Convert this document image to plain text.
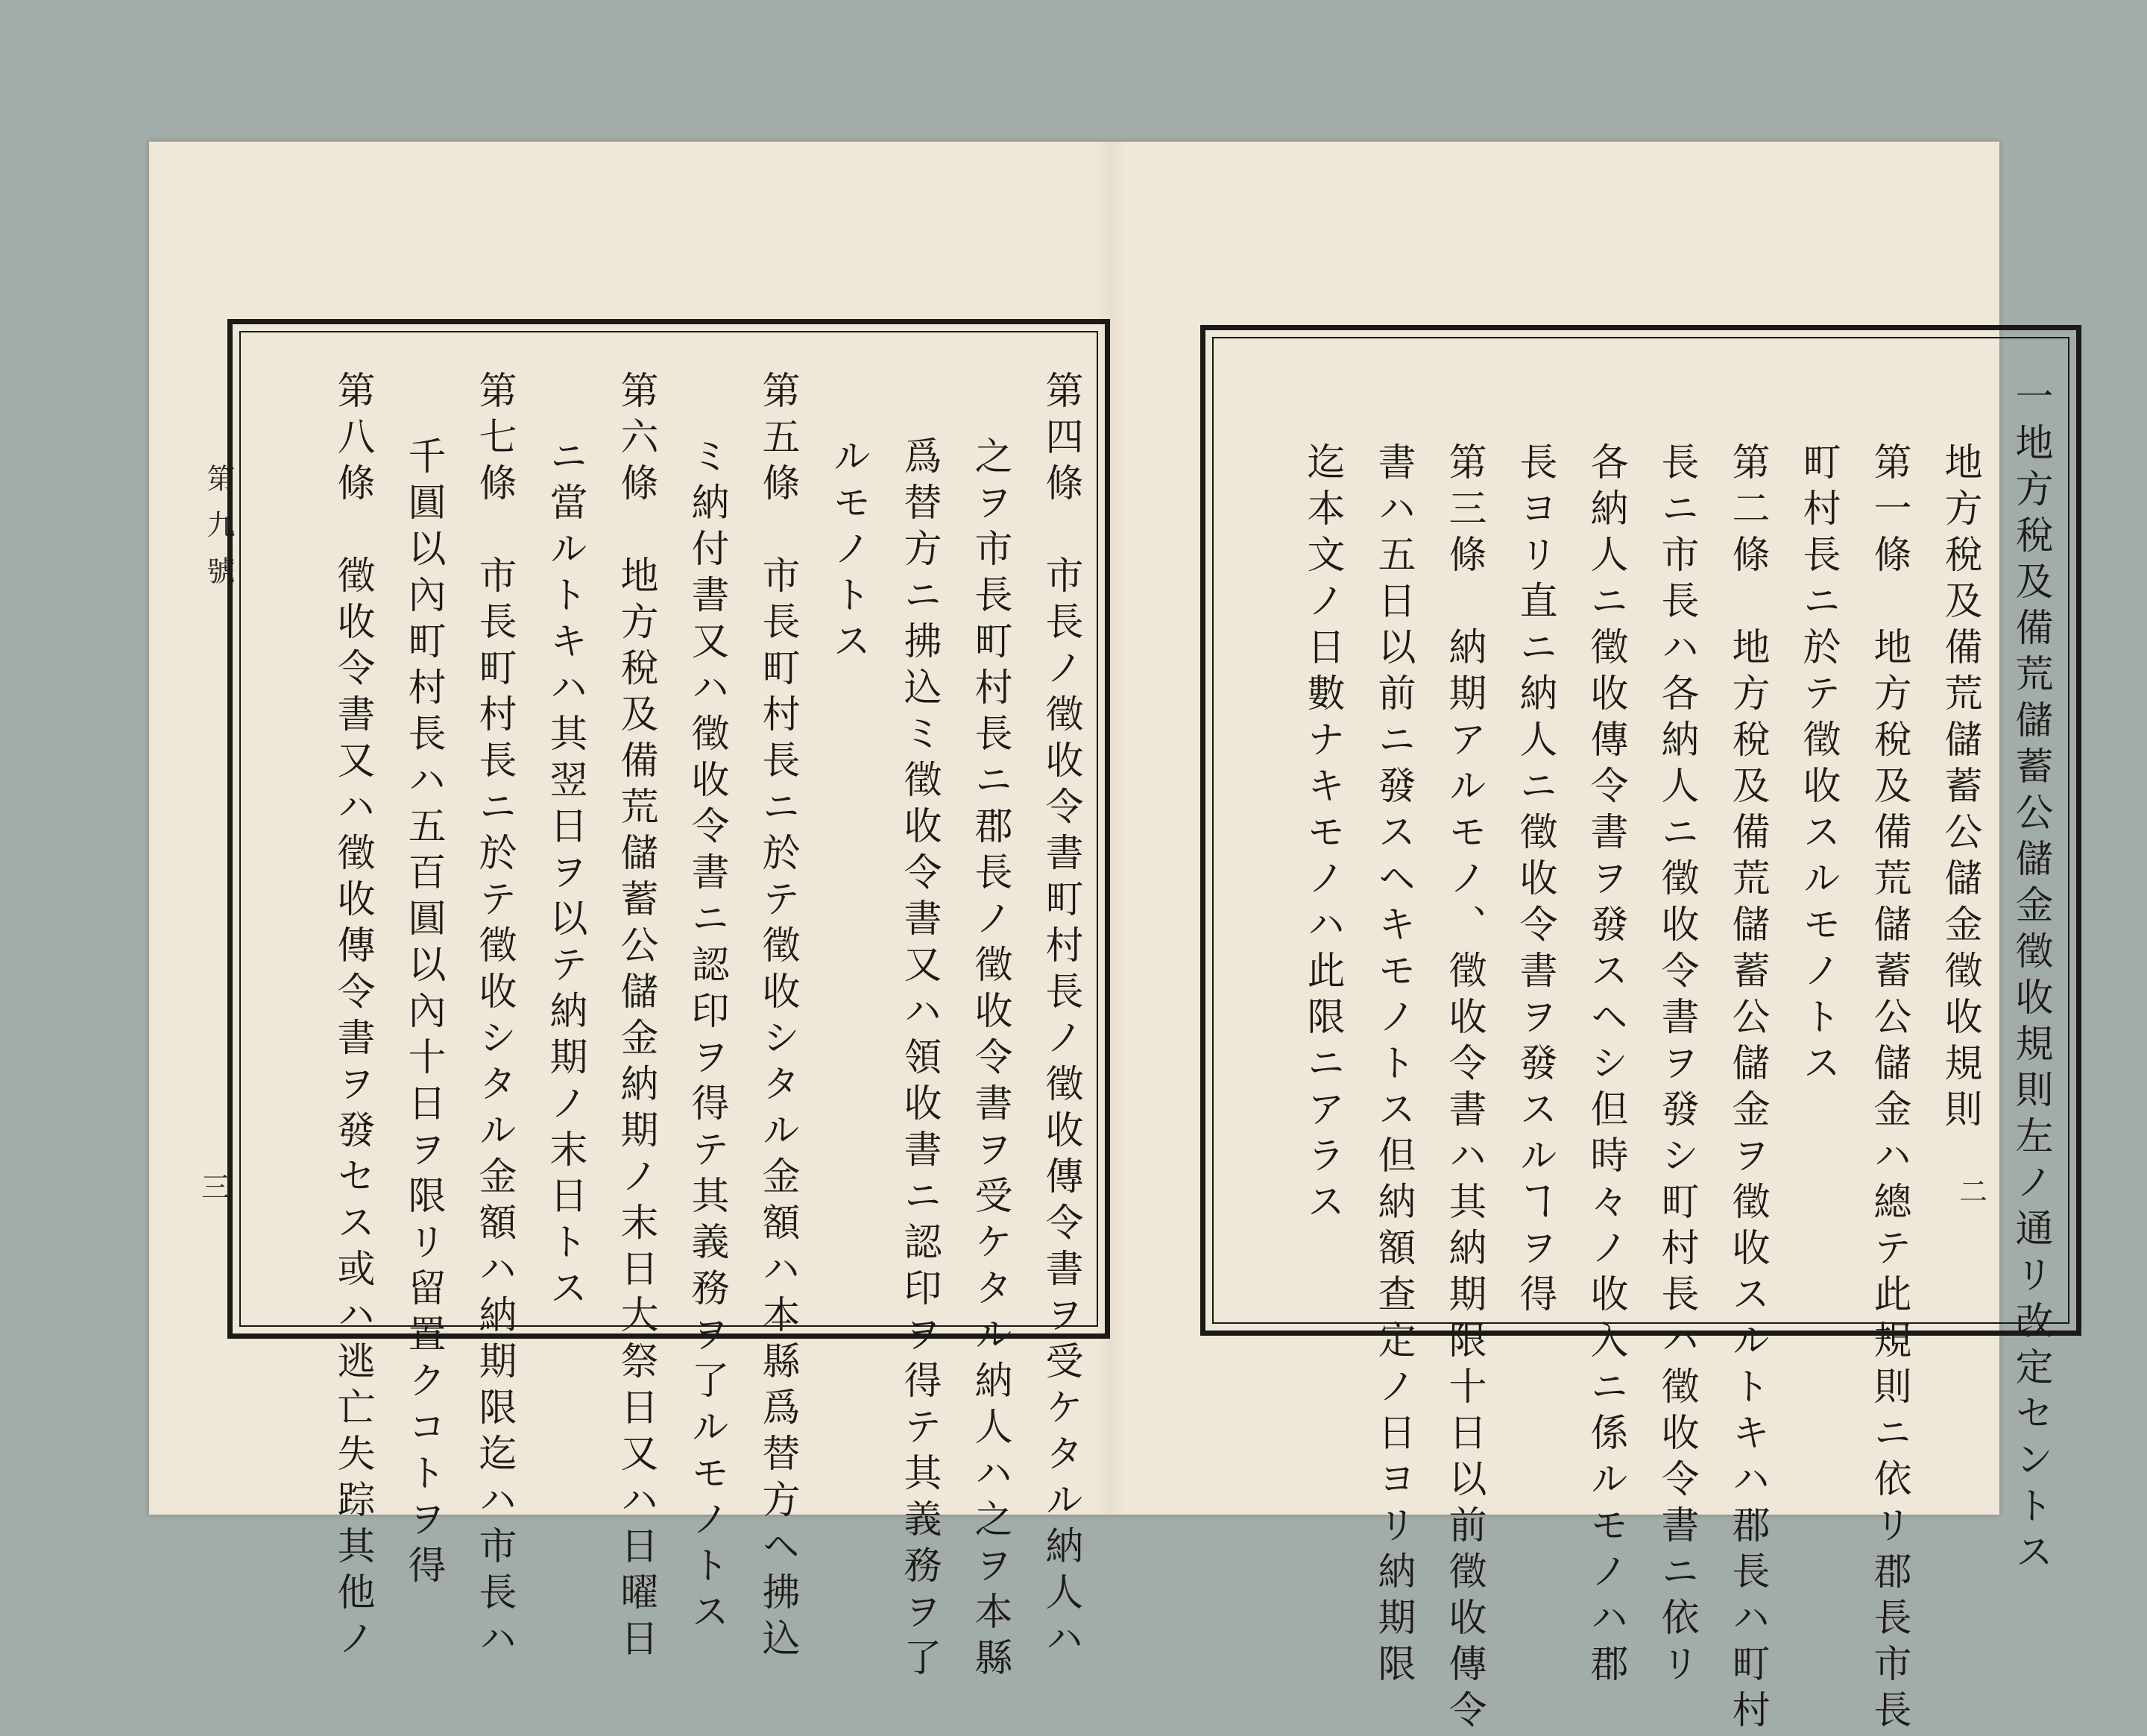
第九號
三	第四條　市長ノ徵收令書町村長ノ徵收傳令書ヲ受ケタル納人ハ
之ヲ市長町村長ニ郡長ノ徵收令書ヲ受ケタル納人ハ之ヲ本縣
爲替方ニ拂込ミ徵收令書又ハ領收書ニ認印ヲ得テ其義務ヲ了
ルモノトス
第五條　市長町村長ニ於テ徵收シタル金額ハ本縣爲替方ヘ拂込
ミ納付書又ハ徵收令書ニ認印ヲ得テ其義務ヲ了ルモノトス
第六條　地方稅及備荒儲蓄公儲金納期ノ末日大祭日又ハ日曜日
ニ當ルトキハ其翌日ヲ以テ納期ノ末日トス
第七條　市長町村長ニ於テ徵收シタル金額ハ納期限迄ハ市長ハ
千圓以內町村長ハ五百圓以內十日ヲ限リ留置クコトヲ得
第八條　徵收令書又ハ徵收傳令書ヲ發セス或ハ逃亡失踪其他ノ	一地方稅及備荒儲蓄公儲金徵收規則左ノ通リ改定セントス
地方稅及備荒儲蓄公儲金徵收規則
第一條　地方稅及備荒儲蓄公儲金ハ總テ此規則ニ依リ郡長市長
町村長ニ於テ徵收スルモノトス
第二條　地方稅及備荒儲蓄公儲金ヲ徵收スルトキハ郡長ハ町村
長ニ市長ハ各納人ニ徵收令書ヲ發シ町村長ハ徵收令書ニ依リ
各納人ニ徵收傳令書ヲ發スヘシ但時々ノ收入ニ係ルモノハ郡
長ヨリ直ニ納人ニ徵收令書ヲ發スルヿヲ得
第三條　納期アルモノ、徵收令書ハ其納期限十日以前徵收傳令
書ハ五日以前ニ發スヘキモノトス但納額查定ノ日ヨリ納期限
迄本文ノ日數ナキモノハ此限ニアラス	二
